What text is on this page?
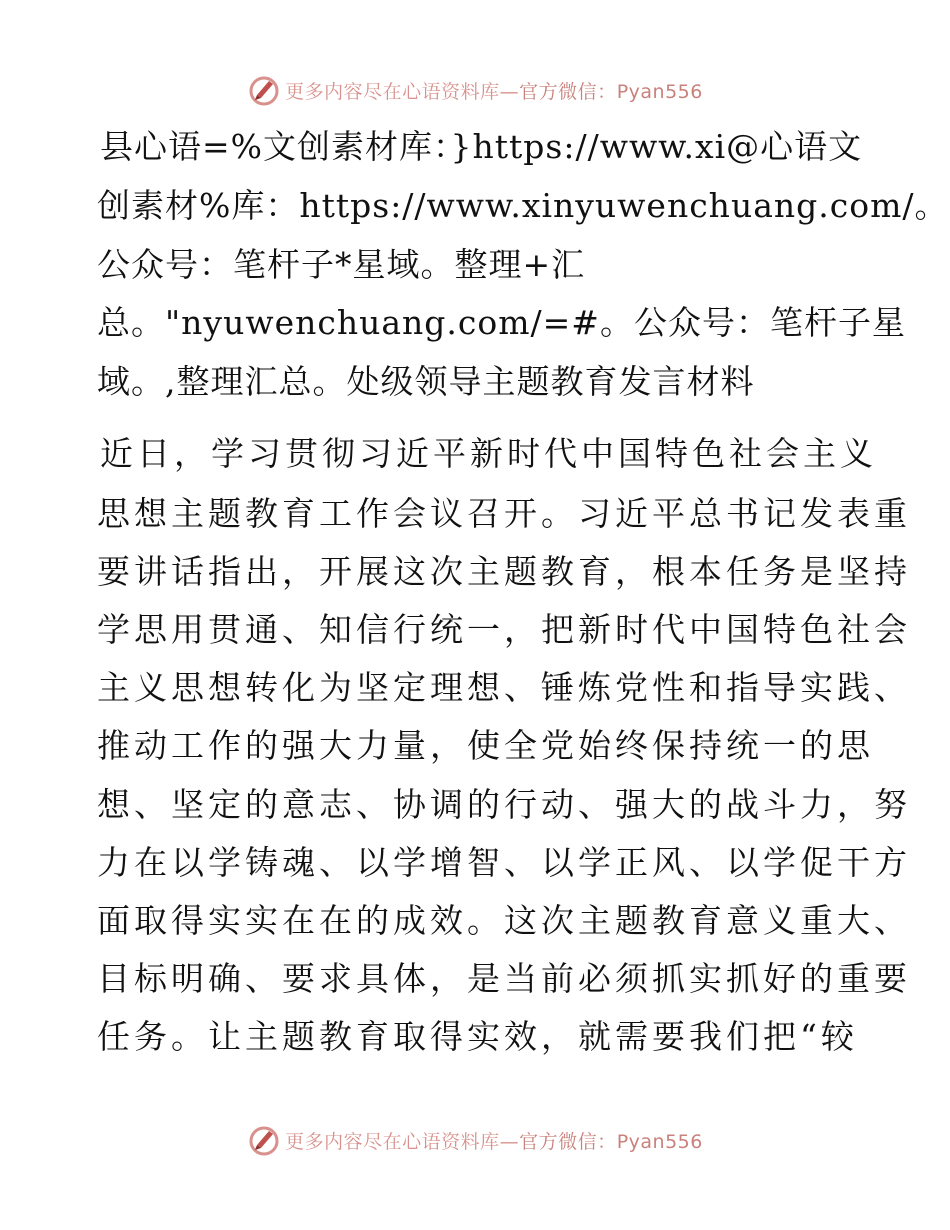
更多内容尽在心语资料库—官方微信：Pyan556
县心语=%文创素材库：}https://www.xi@心语文
创素材%库：https://www.xinyuwenchuang.com/。
公众号：笔杆子*星域。整理+汇
总。"nyuwenchuang.com/=#。公众号：笔杆子星
域。,整理汇总。处级领导主题教育发言材料
近日，学习贯彻习近平新时代中国特色社会主义
思想主题教育工作会议召开。习近平总书记发表重
要讲话指出，开展这次主题教育，根本任务是坚持
学思用贯通、知信行统一，把新时代中国特色社会
主义思想转化为坚定理想、锤炼党性和指导实践、
推动工作的强大力量，使全党始终保持统一的思
想、坚定的意志、协调的行动、强大的战斗力，努
力在以学铸魂、以学增智、以学正风、以学促干方
面取得实实在在的成效。这次主题教育意义重大、
目标明确、要求具体，是当前必须抓实抓好的重要
任务。让主题教育取得实效，就需要我们把“较
更多内容尽在心语资料库—官方微信：Pyan556
